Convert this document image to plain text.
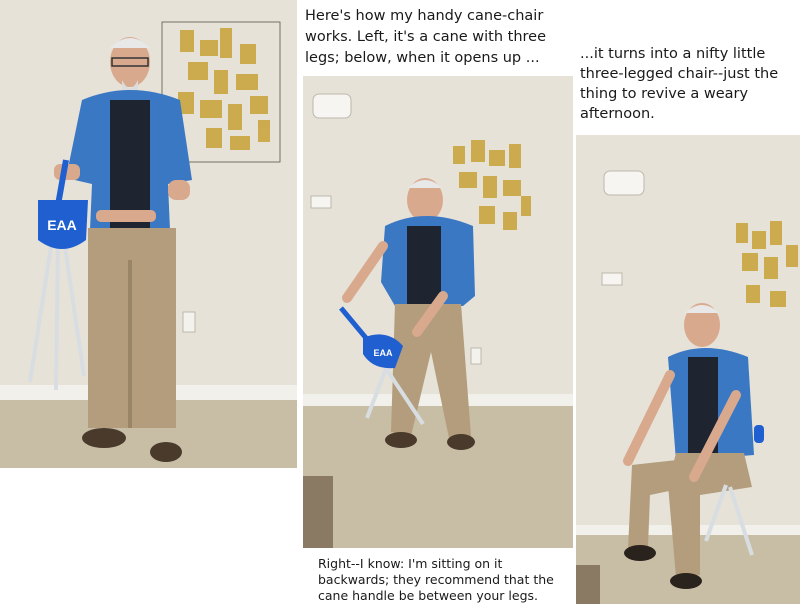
EAA
EAA
Here's how my handy cane-chair works. Left, it's a cane with three legs; below, when it opens up ...	...it turns into a nifty little three-legged chair--just the thing to revive a weary afternoon.
Right--I know: I'm sitting on it backwards; they recommend that the cane handle be between your legs.
